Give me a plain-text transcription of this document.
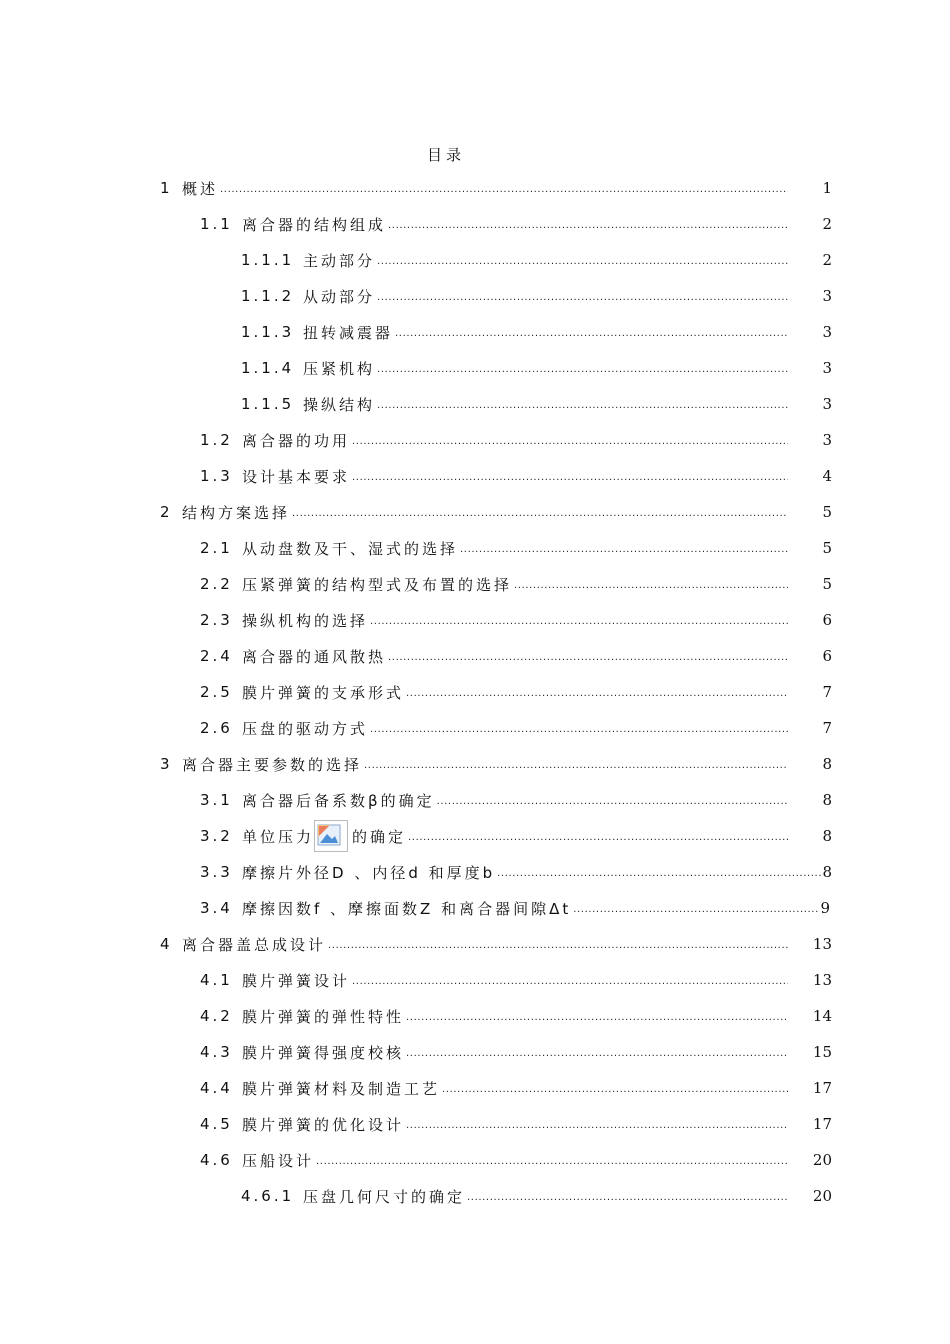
目录
1 概述 .....	1
1.1 离合器的结构组成 .....	2
1.1.1 主动部分 .....	2
1.1.2 从动部分 .....	3
1.1.3 扭转减震器 .....	3
1.1.4 压紧机构 .....	3
1.1.5 操纵结构 .....	3
1.2 离合器的功用 .....	3
1.3 设计基本要求 .....	4
2 结构方案选择 .....	5
2.1 从动盘数及干、湿式的选择 .....	5
2.2 压紧弹簧的结构型式及布置的选择 .....	5
2.3 操纵机构的选择 .....	6
2.4 离合器的通风散热 .....	6
2.5 膜片弹簧的支承形式 .....	7
2.6 压盘的驱动方式 .....	7
3 离合器主要参数的选择 .....	8
3.1 离合器后备系数β的确定 .....	8
3.2 单位压力	的确定 .....	8
3.3 摩擦片外径D 、内径d 和厚度b .....	8
3.4 摩擦因数f 、摩擦面数Z 和离合器间隙Δt .....	9
4 离合器盖总成设计 .....	13
4.1 膜片弹簧设计 .....	13
4.2 膜片弹簧的弹性特性 .....	14
4.3 膜片弹簧得强度校核 .....	15
4.4 膜片弹簧材料及制造工艺 .....	17
4.5 膜片弹簧的优化设计 .....	17
4.6 压船设计 .....	20
4.6.1 压盘几何尺寸的确定 .....	20
